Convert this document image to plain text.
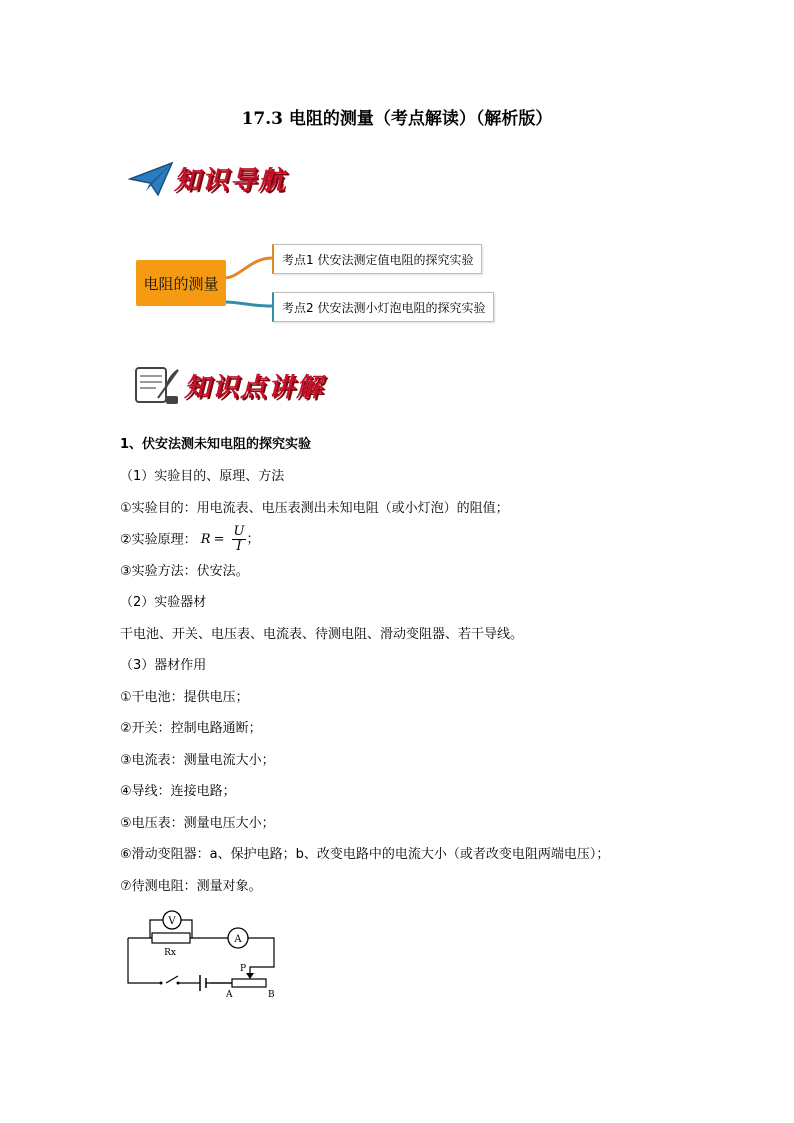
17.3 电阻的测量（考点解读）（解析版）
知识导航
电阻的测量
考点1 伏安法测定值电阻的探究实验
考点2 伏安法测小灯泡电阻的探究实验
知识点讲解

1、伏安法测未知电阻的探究实验

（1）实验目的、原理、方法

①实验目的：用电流表、电压表测出未知电阻（或小灯泡）的阻值；

②实验原理： $R = \frac{U}{I}$ ；

③实验方法：伏安法。

（2）实验器材

干电池、开关、电压表、电流表、待测电阻、滑动变阻器、若干导线。

（3）器材作用

①干电池：提供电压；

②开关：控制电路通断；

③电流表：测量电流大小；

④导线：连接电路；

⑤电压表：测量电压大小；

⑥滑动变阻器：a、保护电路；b、改变电路中的电流大小（或者改变电阻两端电压）；

⑦待测电阻：测量对象。

V
Rx
A
P
A	B
